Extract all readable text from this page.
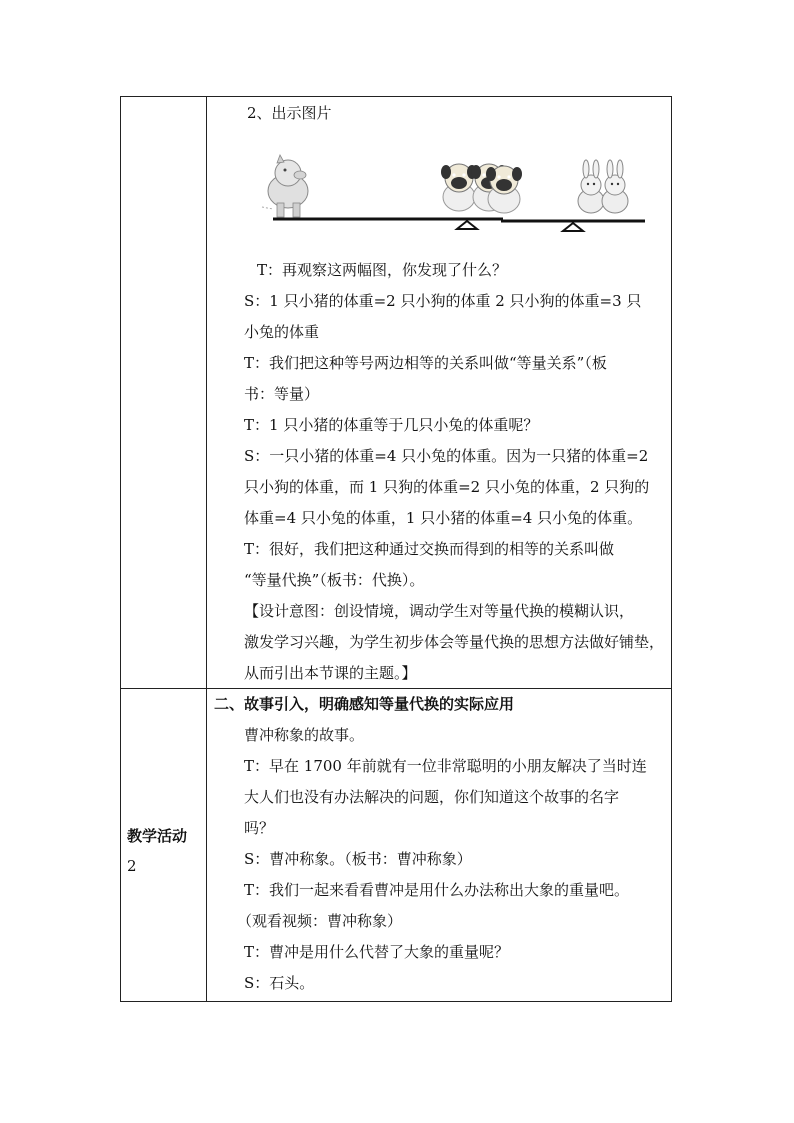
2、出示图片
T：再观察这两幅图，你发现了什么？
S：1 只小猪的体重=2 只小狗的体重 2 只小狗的体重=3 只
小兔的体重
T：我们把这种等号两边相等的关系叫做“等量关系”（板
书：等量）
T：1 只小猪的体重等于几只小兔的体重呢？
S：一只小猪的体重=4 只小兔的体重。因为一只猪的体重=2
只小狗的体重，而 1 只狗的体重=2 只小兔的体重，2 只狗的
体重=4 只小兔的体重，1 只小猪的体重=4 只小兔的体重。
T：很好，我们把这种通过交换而得到的相等的关系叫做
“等量代换”（板书：代换）。
【设计意图：创设情境，调动学生对等量代换的模糊认识，
激发学习兴趣，为学生初步体会等量代换的思想方法做好铺垫，
从而引出本节课的主题。】
教学活动
2
二、故事引入，明确感知等量代换的实际应用
曹冲称象的故事。
T：早在 1700 年前就有一位非常聪明的小朋友解决了当时连
大人们也没有办法解决的问题，你们知道这个故事的名字
吗？
S：曹冲称象。（板书：曹冲称象）
T：我们一起来看看曹冲是用什么办法称出大象的重量吧。
（观看视频：曹冲称象）
T：曹冲是用什么代替了大象的重量呢？
S：石头。
